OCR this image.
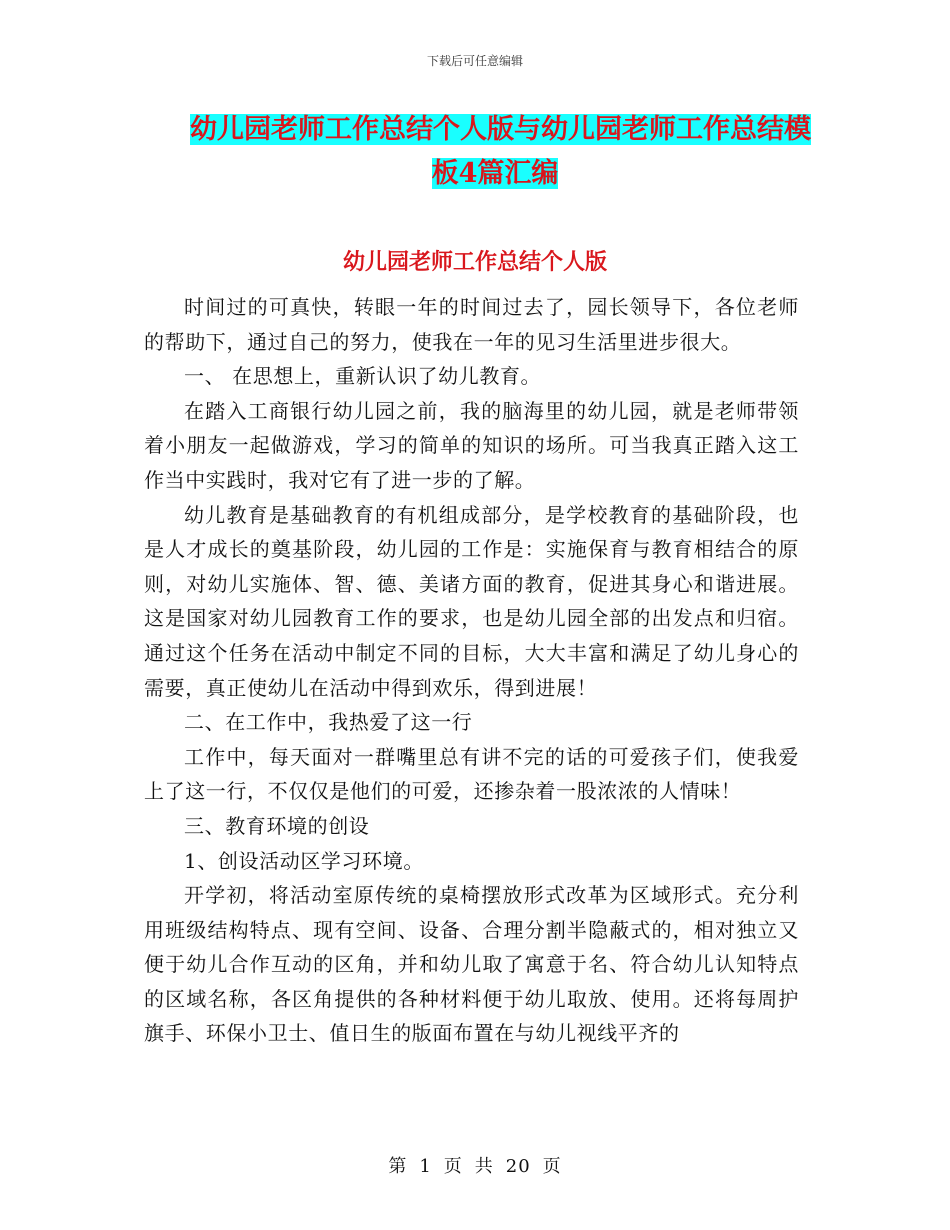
下载后可任意编辑
幼儿园老师工作总结个人版与幼儿园老师工作总结模
板4篇汇编
幼儿园老师工作总结个人版

时间过的可真快，转眼一年的时间过去了，园长领导下，各位老师的帮助下，通过自己的努力，使我在一年的见习生活里进步很大。

一、 在思想上，重新认识了幼儿教育。

在踏入工商银行幼儿园之前，我的脑海里的幼儿园，就是老师带领着小朋友一起做游戏，学习的简单的知识的场所。可当我真正踏入这工作当中实践时，我对它有了进一步的了解。

幼儿教育是基础教育的有机组成部分，是学校教育的基础阶段，也是人才成长的奠基阶段，幼儿园的工作是：实施保育与教育相结合的原则，对幼儿实施体、智、德、美诸方面的教育，促进其身心和谐进展。这是国家对幼儿园教育工作的要求，也是幼儿园全部的出发点和归宿。通过这个任务在活动中制定不同的目标，大大丰富和满足了幼儿身心的需要，真正使幼儿在活动中得到欢乐，得到进展！

二、在工作中，我热爱了这一行

工作中，每天面对一群嘴里总有讲不完的话的可爱孩子们，使我爱上了这一行，不仅仅是他们的可爱，还掺杂着一股浓浓的人情味！

三、教育环境的创设

1、创设活动区学习环境。

开学初，将活动室原传统的桌椅摆放形式改革为区域形式。充分利用班级结构特点、现有空间、设备、合理分割半隐蔽式的，相对独立又便于幼儿合作互动的区角，并和幼儿取了寓意于名、符合幼儿认知特点的区域名称，各区角提供的各种材料便于幼儿取放、使用。还将每周护旗手、环保小卫士、值日生的版面布置在与幼儿视线平齐的

第 1 页 共 20 页
